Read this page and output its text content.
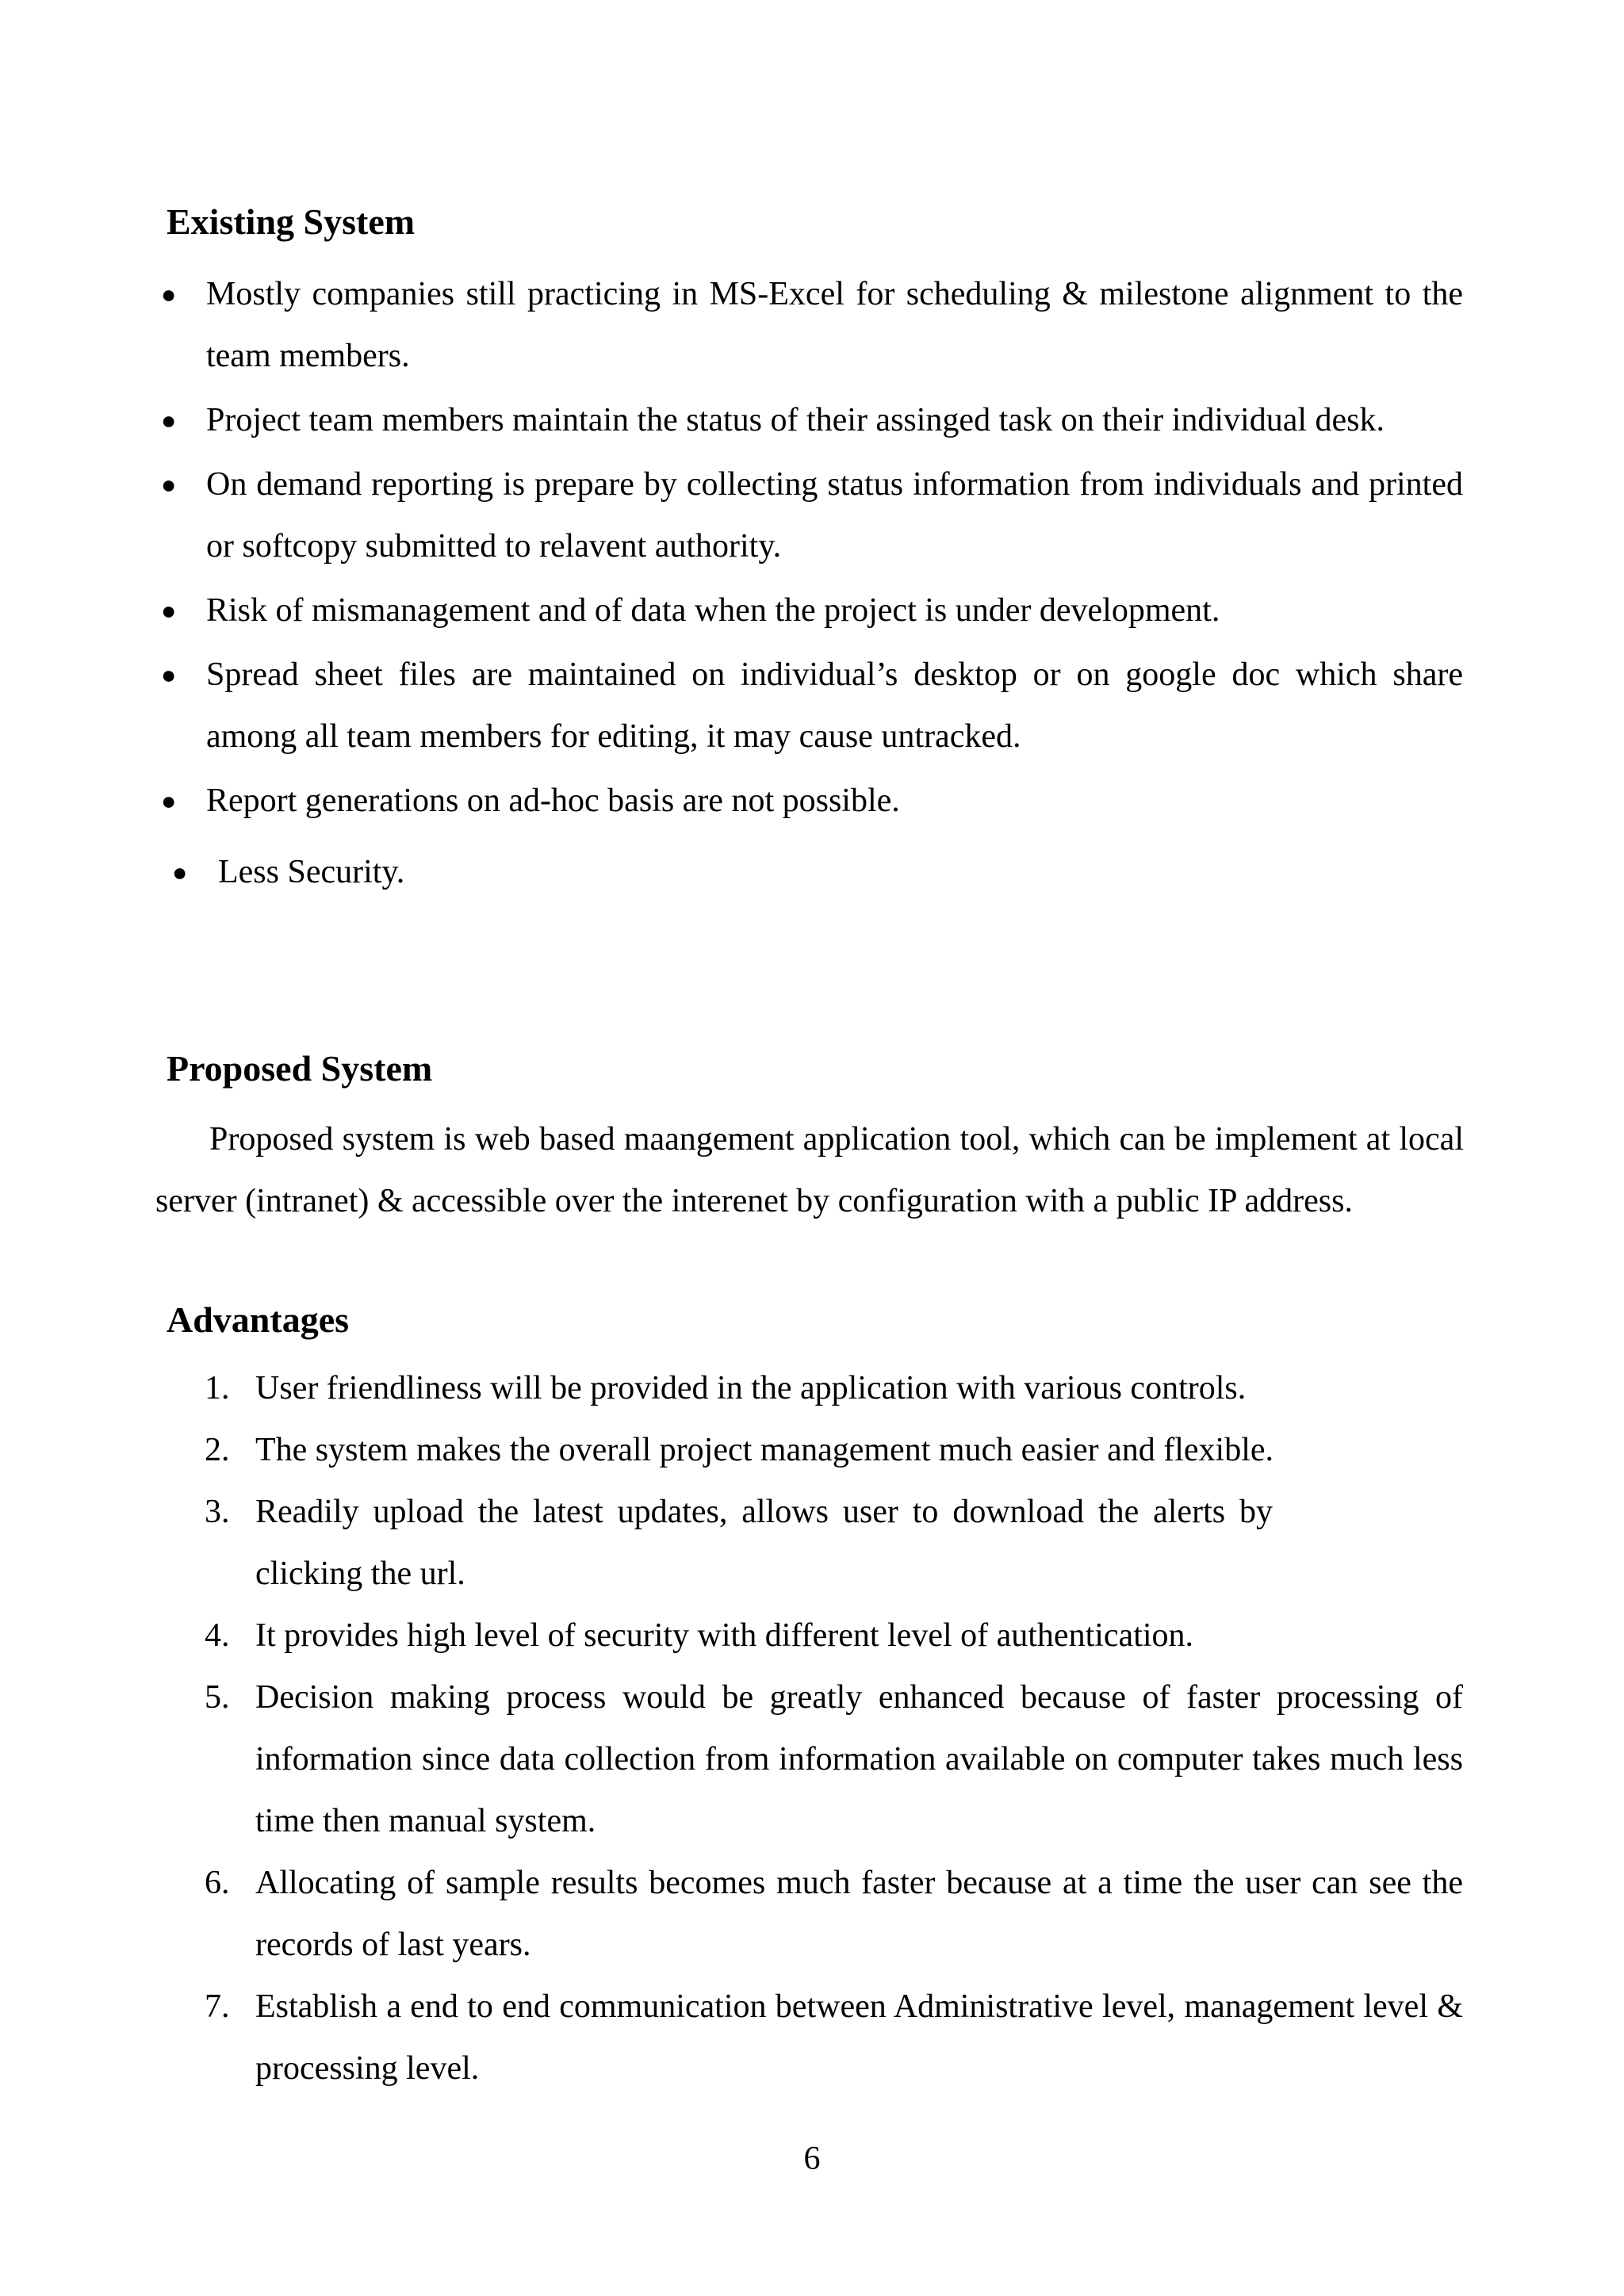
Existing System
● Mostly companies still practicing in MS-Excel for scheduling & milestone alignment to the team members.
● Project team members maintain the status of their assinged task on their individual desk.
● On demand reporting is prepare by collecting status information from individuals and printed or softcopy submitted to relavent authority.
● Risk of mismanagement and of data when the project is under development.
● Spread sheet files are maintained on individual’s desktop or on google doc which share among all team members for editing, it may cause untracked.
● Report generations on ad-hoc basis are not possible.
● Less Security.
Proposed System

Proposed system is web based maangement application tool, which can be implement at local server (intranet) & accessible over the interenet by configuration with a public IP address.

Advantages
1. User friendliness will be provided in the application with various controls.
2. The system makes the overall project management much easier and flexible.
3. Readily upload the latest updates, allows user to download the alerts by clicking the url.
4. It provides high level of security with different level of authentication.
5. Decision making process would be greatly enhanced because of faster processing of information since data collection from information available on computer takes much less time then manual system.
6. Allocating of sample results becomes much faster because at a time the user can see the records of last years.
7. Establish a end to end communication between Administrative level, management level & processing level.

6
